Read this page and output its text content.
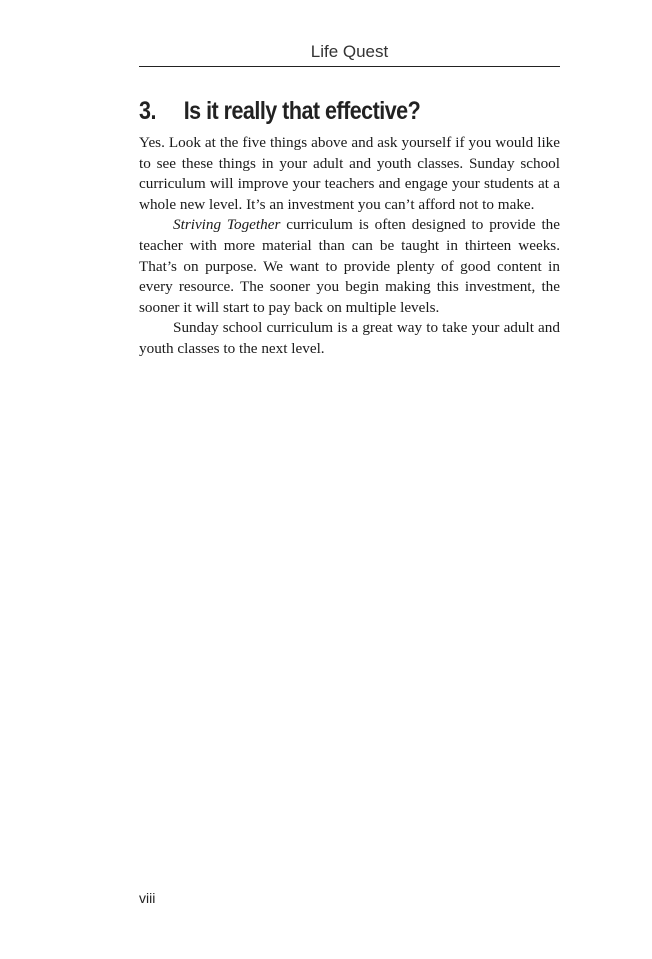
Life Quest
3. Is it really that effective?

Yes. Look at the five things above and ask yourself if you would like to see these things in your adult and youth classes. Sunday school curriculum will improve your teachers and engage your students at a whole new level. It’s an investment you can’t afford not to make.

Striving Together curriculum is often designed to provide the teacher with more material than can be taught in thirteen weeks. That’s on purpose. We want to provide plenty of good content in every resource. The sooner you begin making this investment, the sooner it will start to pay back on multiple levels.

Sunday school curriculum is a great way to take your adult and youth classes to the next level.

viii
